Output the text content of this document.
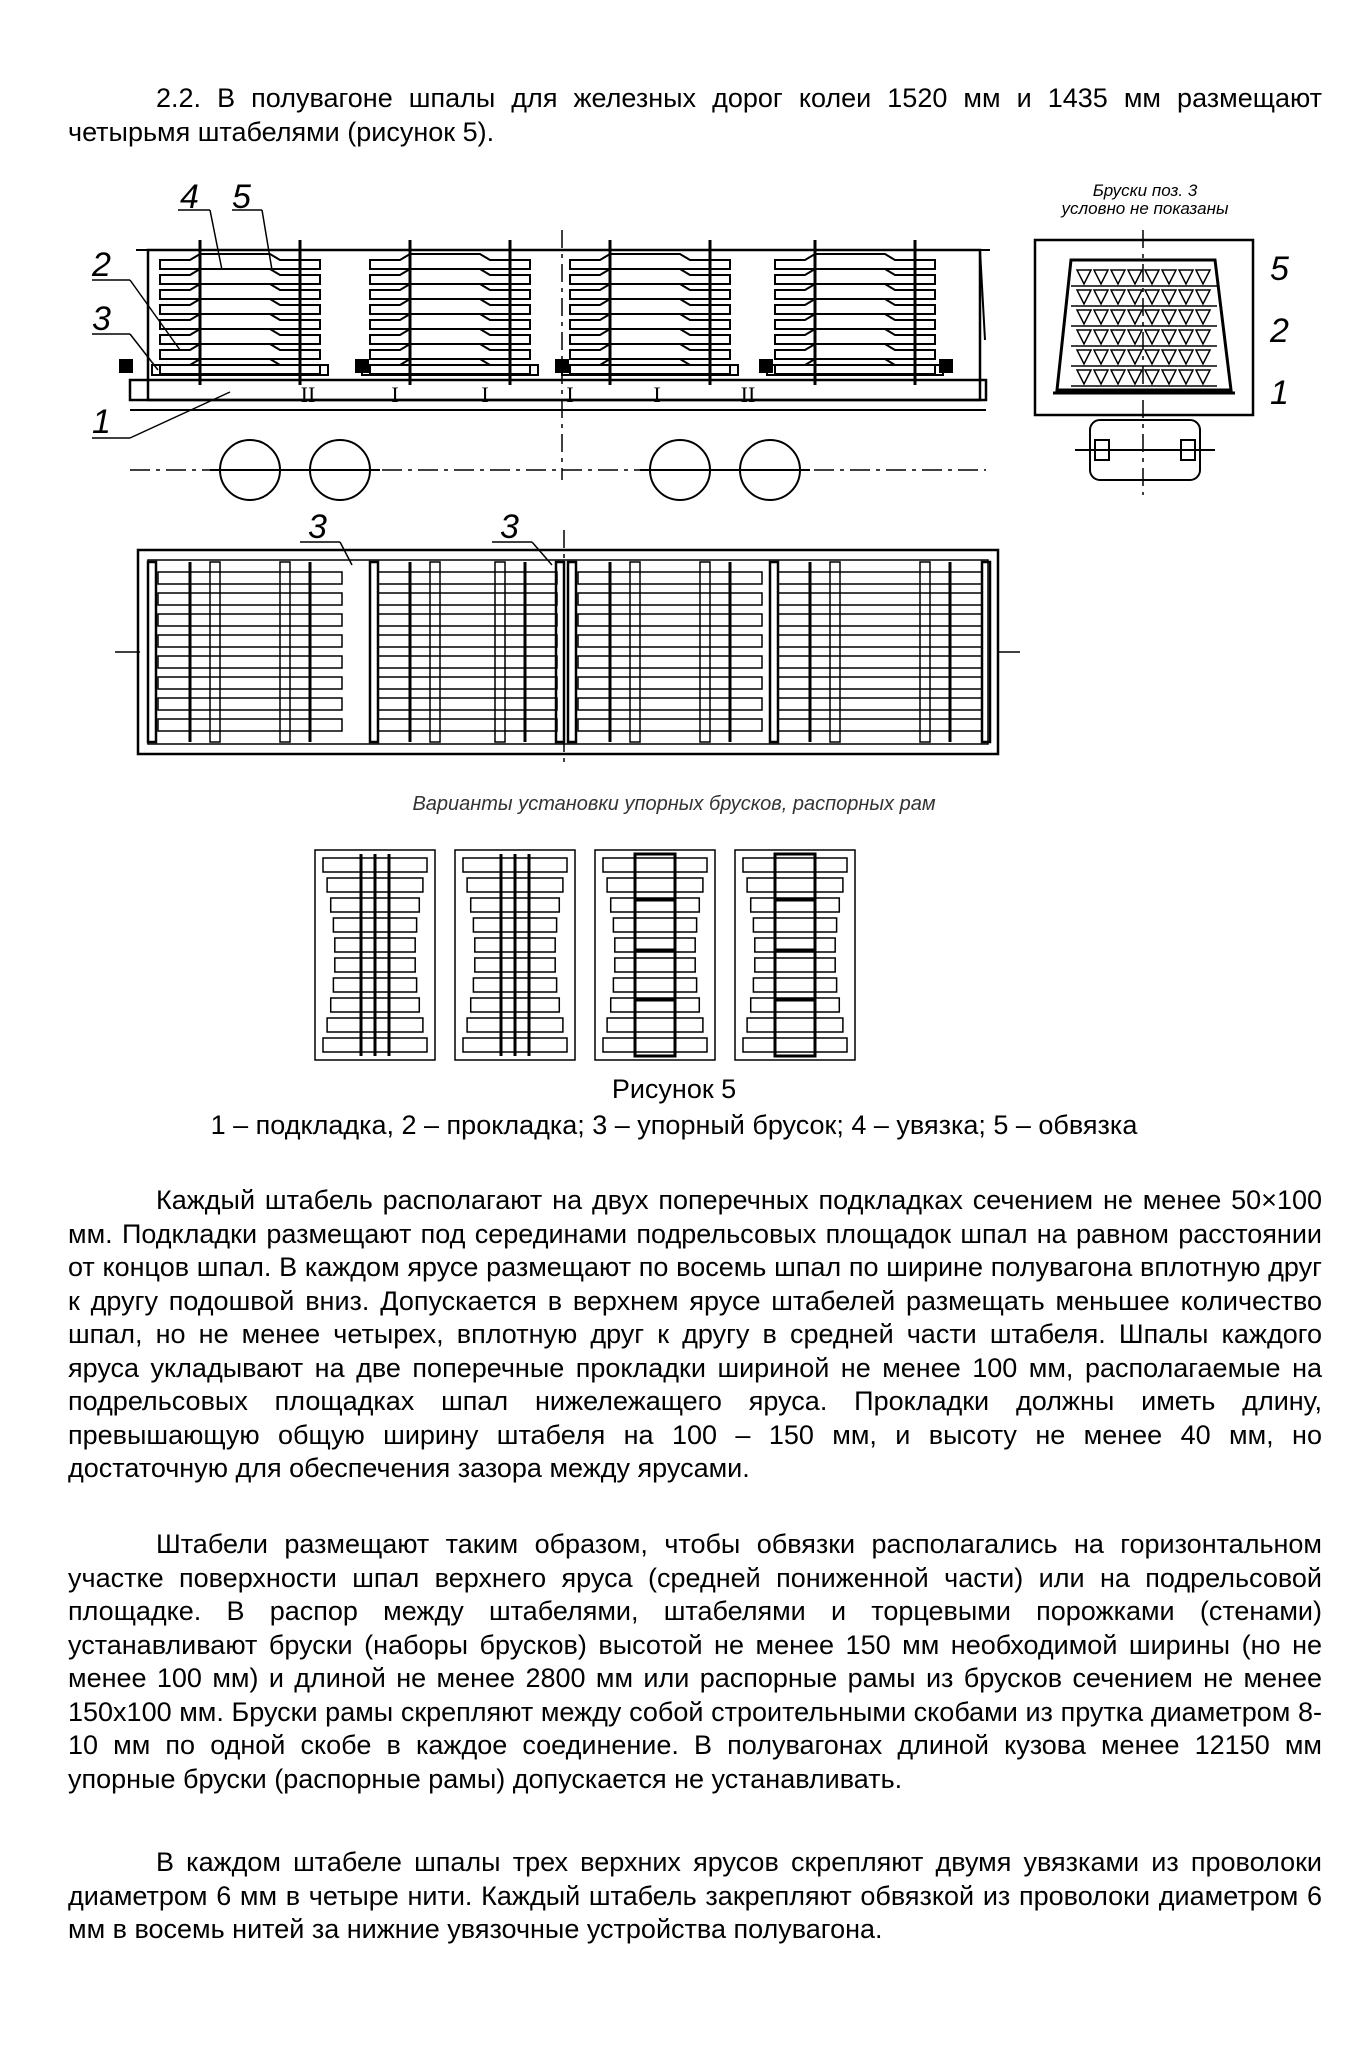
2.2. В полувагоне шпалы для железных дорог колеи 1520 мм и 1435 мм размещают четырьмя штабелями (рисунок 5).

II	I	I	I	I	II
4 5
2
3
1
Бруски поз. 3
условно не показаны
5
2
1
3	3
Варианты установки упорных брусков, распорных рам
Рисунок 5
1 – подкладка, 2 – прокладка; 3 – упорный брусок; 4 – увязка; 5 – обвязка

Каждый штабель располагают на двух поперечных подкладках сечением не менее 50×100 мм. Подкладки размещают под серединами подрельсовых площадок шпал на равном расстоянии от концов шпал. В каждом ярусе размещают по восемь шпал по ширине полувагона вплотную друг к другу подошвой вниз. Допускается в верхнем ярусе штабелей размещать меньшее количество шпал, но не менее четырех, вплотную друг к другу в средней части штабеля. Шпалы каждого яруса укладывают на две поперечные прокладки шириной не менее 100 мм, располагаемые на подрельсовых площадках шпал нижележащего яруса. Прокладки должны иметь длину, превышающую общую ширину штабеля на 100 – 150 мм, и высоту не менее 40 мм, но достаточную для обеспечения зазора между ярусами.

Штабели размещают таким образом, чтобы обвязки располагались на горизонтальном участке поверхности шпал верхнего яруса (средней пониженной части) или на подрельсовой площадке. В распор между штабелями, штабелями и торцевыми порожками (стенами) устанавливают бруски (наборы брусков) высотой не менее 150 мм необходимой ширины (но не менее 100 мм) и длиной не менее 2800 мм или распорные рамы из брусков сечением не менее 150х100 мм. Бруски рамы скрепляют между собой строительными скобами из прутка диаметром 8-10 мм по одной скобе в каждое соединение. В полувагонах длиной кузова менее 12150 мм упорные бруски (распорные рамы) допускается не устанавливать.

В каждом штабеле шпалы трех верхних ярусов скрепляют двумя увязками из проволоки диаметром 6 мм в четыре нити. Каждый штабель закрепляют обвязкой из проволоки диаметром 6 мм в восемь нитей за нижние увязочные устройства полувагона.
